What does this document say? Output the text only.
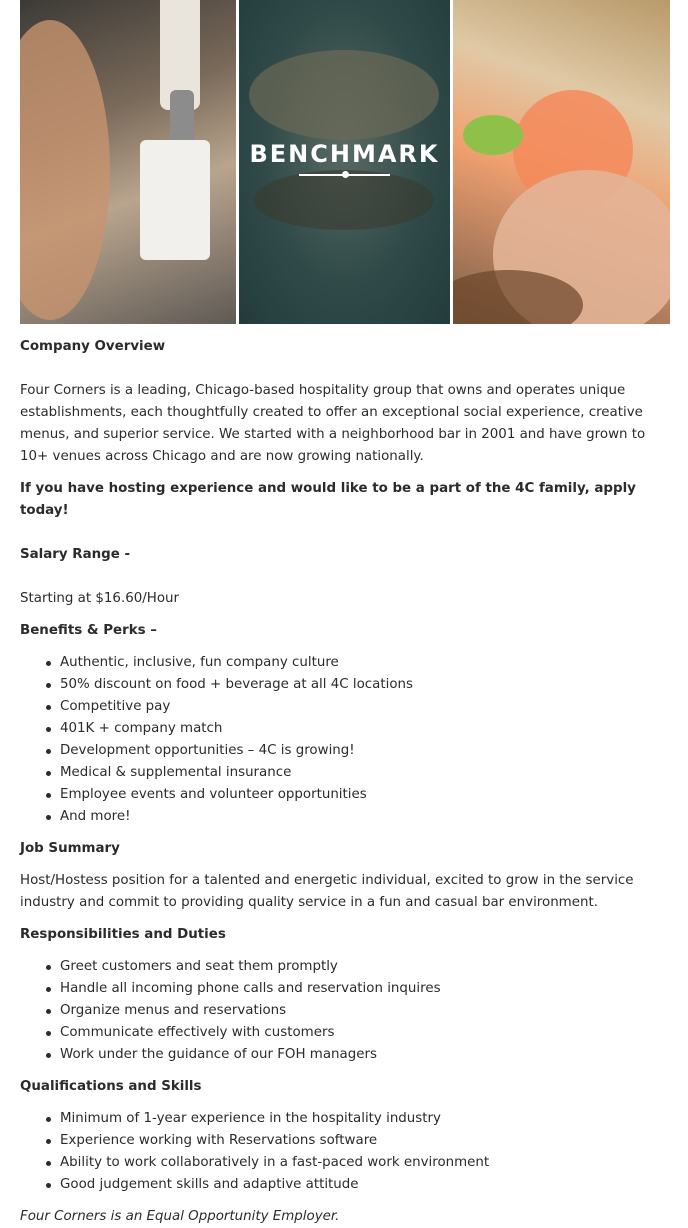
BENCHMARK

Company Overview

Four Corners is a leading, Chicago-based hospitality group that owns and operates unique establishments, each thoughtfully created to offer an exceptional social experience, creative menus, and superior service. We started with a neighborhood bar in 2001 and have grown to 10+ venues across Chicago and are now growing nationally.

If you have hosting experience and would like to be a part of the 4C family, apply today!

Salary Range -

Starting at $16.60/Hour

Benefits & Perks –

Authentic, inclusive, fun company culture
50% discount on food + beverage at all 4C locations
Competitive pay
401K + company match
Development opportunities – 4C is growing!
Medical & supplemental insurance
Employee events and volunteer opportunities
And more!

Job Summary

Host/Hostess position for a talented and energetic individual, excited to grow in the service industry and commit to providing quality service in a fun and casual bar environment.

Responsibilities and Duties

Greet customers and seat them promptly
Handle all incoming phone calls and reservation inquires
Organize menus and reservations
Communicate effectively with customers
Work under the guidance of our FOH managers

Qualifications and Skills

Minimum of 1-year experience in the hospitality industry
Experience working with Reservations software
Ability to work collaboratively in a fast-paced work environment
Good judgement skills and adaptive attitude

Four Corners is an Equal Opportunity Employer.
